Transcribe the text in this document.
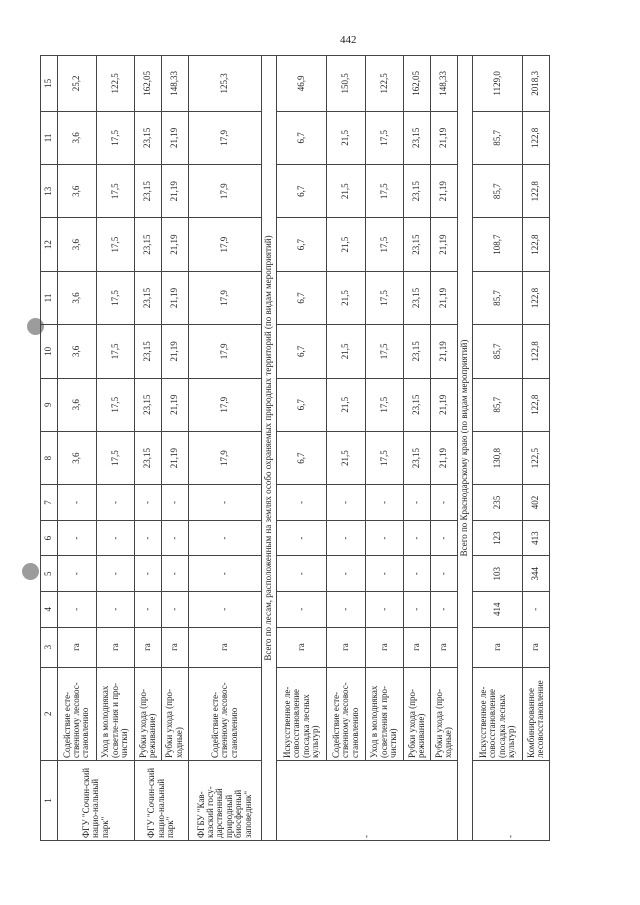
442
1	2	3	4	5	6	7	8	9	10	11	12	13	11	15
ФГУ "Сочин-ский нацио-нальный парк"	Содействие есте-ственному лесовос-становлению	га	-	-	-	-	3,6	3,6	3,6	3,6	3,6	3,6	3,6	25,2
	Уход в молодняках (осветле-ния и про-чистки)	га	-	-	-	-	17,5	17,5	17,5	17,5	17,5	17,5	17,5	122,5
ФГУ "Сочин-ский нацио-нальный парк"	Рубки ухода (про-реживание)	га	-	-	-	-	23,15	23,15	23,15	23,15	23,15	23,15	23,15	162,05
	Рубки ухода (про-ходные)	га	-	-	-	-	21,19	21,19	21,19	21,19	21,19	21,19	21,19	148,33
ФГБУ "Кав-казский госу-дарственный природный биосферный заповедник"	Содействие есте-ственному лесовос-становлению	га	-	-	-	-	17,9	17,9	17,9	17,9	17,9	17,9	17,9	125,3
Всего по лесам, расположенным на землях особо охраняемых природных территорий (по видам мероприятий)														
-	Искусственное ле-совосстановление (посадка лесных культур)	га	-	-	-	-	6,7	6,7	6,7	6,7	6,7	6,7	6,7	46,9
	Содействие есте-ственному лесовос-становлению	га	-	-	-	-	21,5	21,5	21,5	21,5	21,5	21,5	21,5	150,5
	Уход в молодняках (осветления и про-чистки)	га	-	-	-	-	17,5	17,5	17,5	17,5	17,5	17,5	17,5	122,5
	Рубки ухода (про-реживание)	га	-	-	-	-	23,15	23,15	23,15	23,15	23,15	23,15	23,15	162,05
	Рубки ухода (про-ходные)	га	-	-	-	-	21,19	21,19	21,19	21,19	21,19	21,19	21,19	148,33
Всего по Краснодарскому краю (по видам мероприятий)														
-	Искусственное ле-совосстановление (посадка лесных культур)	га	414	103	123	235	130,8	85,7	85,7	85,7	108,7	85,7	85,7	1129,0
	Комбинированное лесовосстановление	га	-	344	413	402	122,5	122,8	122,8	122,8	122,8	122,8	122,8	2018,3
